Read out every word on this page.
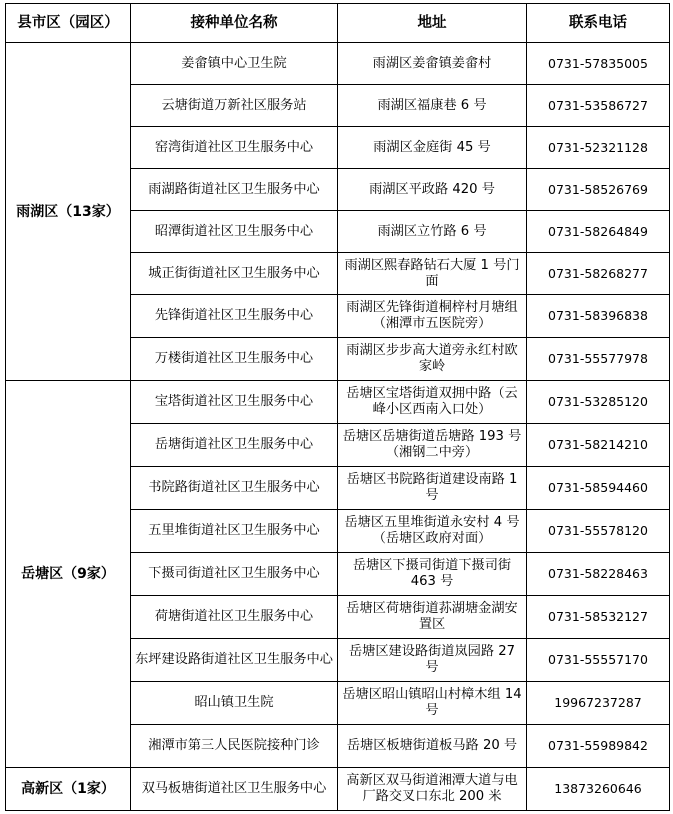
县市区（园区）	接种单位名称	地址	联系电话
雨湖区（13家）	姜畲镇中心卫生院	雨湖区姜畲镇姜畲村	0731-57835005
	云塘街道万新社区服务站	雨湖区福康巷 6 号	0731-53586727
	窑湾街道社区卫生服务中心	雨湖区金庭街 45 号	0731-52321128
	雨湖路街道社区卫生服务中心	雨湖区平政路 420 号	0731-58526769
	昭潭街道社区卫生服务中心	雨湖区立竹路 6 号	0731-58264849
	城正街街道社区卫生服务中心	雨湖区熙春路钻石大厦 1 号门面	0731-58268277
	先锋街道社区卫生服务中心	雨湖区先锋街道桐梓村月塘组（湘潭市五医院旁）	0731-58396838
	万楼街道社区卫生服务中心	雨湖区步步高大道旁永红村欧家岭	0731-55577978
岳塘区（9家）	宝塔街道社区卫生服务中心	岳塘区宝塔街道双拥中路（云峰小区西南入口处）	0731-53285120
	岳塘街道社区卫生服务中心	岳塘区岳塘街道岳塘路 193 号（湘钢二中旁）	0731-58214210
	书院路街道社区卫生服务中心	岳塘区书院路街道建设南路 1 号	0731-58594460
	五里堆街道社区卫生服务中心	岳塘区五里堆街道永安村 4 号（岳塘区政府对面）	0731-55578120
	下摄司街道社区卫生服务中心	岳塘区下摄司街道下摄司街 463 号	0731-58228463
	荷塘街道社区卫生服务中心	岳塘区荷塘街道荪湖塘金湖安置区	0731-58532127
	东坪建设路街道社区卫生服务中心	岳塘区建设路街道岚园路 27 号	0731-55557170
	昭山镇卫生院	岳塘区昭山镇昭山村樟木组 14 号	19967237287
	湘潭市第三人民医院接种门诊	岳塘区板塘街道板马路 20 号	0731-55989842
高新区（1家）	双马板塘街道社区卫生服务中心	高新区双马街道湘潭大道与电厂路交叉口东北 200 米	13873260646
